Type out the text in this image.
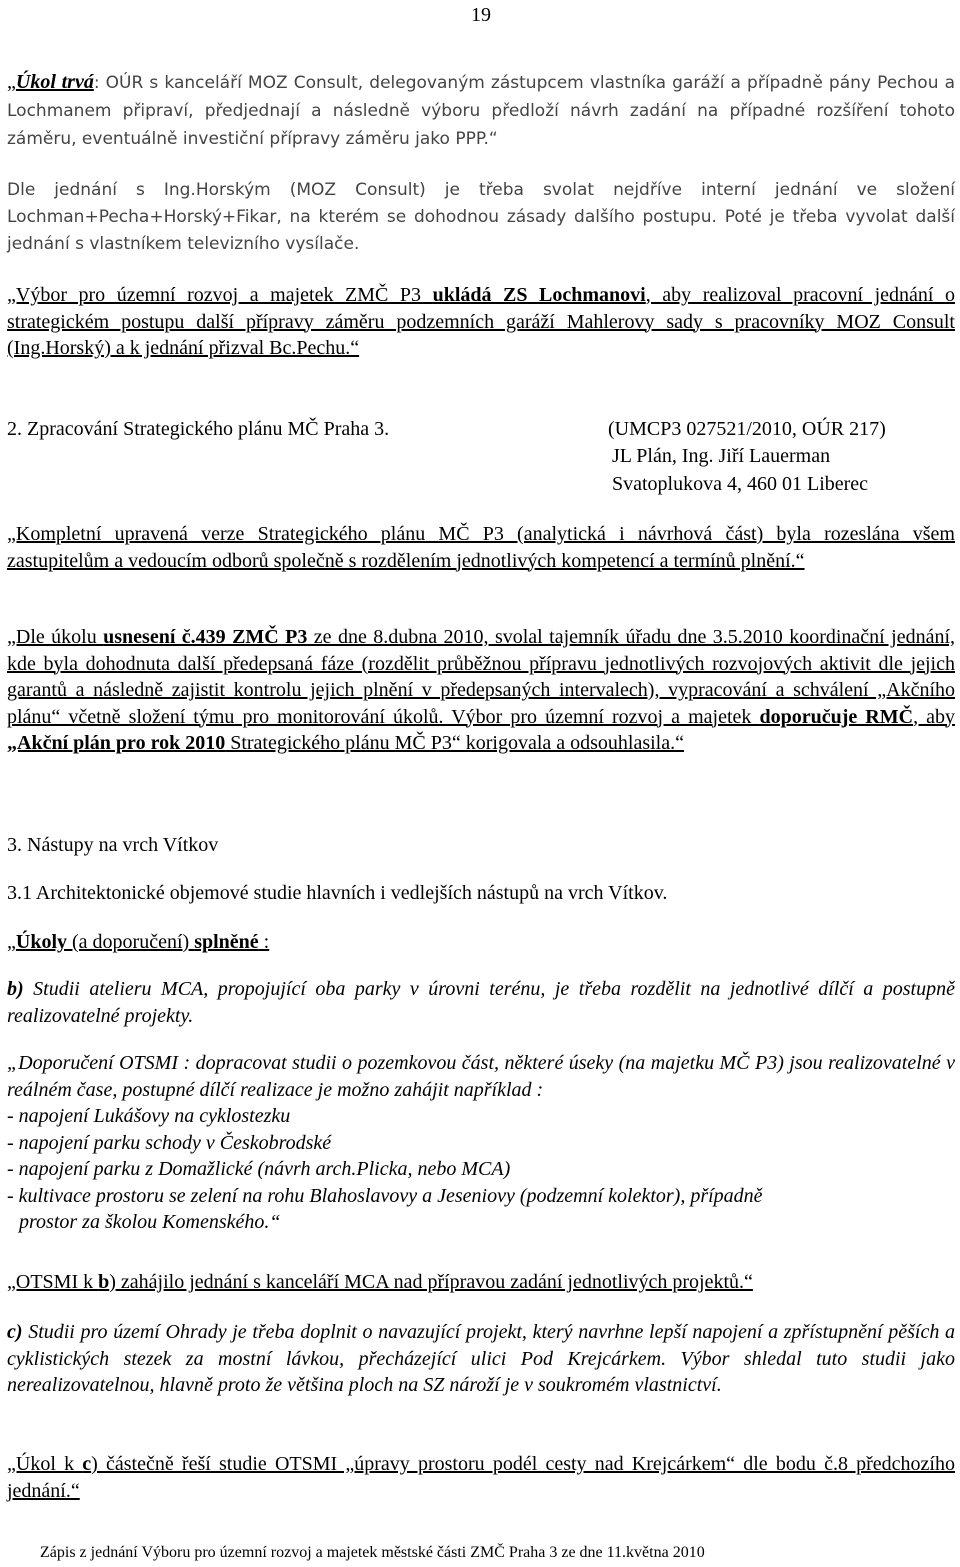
19
„Úkol trvá: OÚR s kanceláří MOZ Consult, delegovaným zástupcem vlastníka garáží a případně pány Pechou a Lochmanem připraví, předjednají a následně výboru předloží návrh zadání na případné rozšíření tohoto záměru, eventuálně investiční přípravy záměru jako PPP.“
Dle jednání s Ing.Horským (MOZ Consult) je třeba svolat nejdříve interní jednání ve složení Lochman+Pecha+Horský+Fikar, na kterém se dohodnou zásady dalšího postupu. Poté je třeba vyvolat další jednání s vlastníkem televizního vysílače.
„Výbor pro územní rozvoj a majetek ZMČ P3 ukládá ZS Lochmanovi, aby realizoval pracovní jednání o strategickém postupu další přípravy záměru podzemních garáží Mahlerovy sady s pracovníky MOZ Consult (Ing.Horský) a k jednání přizval Bc.Pechu.“
2. Zpracování Strategického plánu MČ Praha 3.	(UMCP3 027521/2010, OÚR 217)
JL Plán, Ing. Jiří Lauerman
Svatoplukova 4, 460 01 Liberec
„Kompletní upravená verze Strategického plánu MČ P3 (analytická i návrhová část) byla rozeslána všem zastupitelům a vedoucím odborů společně s rozdělením jednotlivých kompetencí a termínů plnění.“
„Dle úkolu usnesení č.439 ZMČ P3 ze dne 8.dubna 2010, svolal tajemník úřadu dne 3.5.2010 koordinační jednání, kde byla dohodnuta další předepsaná fáze (rozdělit průběžnou přípravu jednotlivých rozvojových aktivit dle jejich garantů a následně zajistit kontrolu jejich plnění v předepsaných intervalech), vypracování a schválení „Akčního plánu“ včetně složení týmu pro monitorování úkolů. Výbor pro územní rozvoj a majetek doporučuje RMČ, aby „Akční plán pro rok 2010 Strategického plánu MČ P3“ korigovala a odsouhlasila.“
3. Nástupy na vrch Vítkov
3.1 Architektonické objemové studie hlavních i vedlejších nástupů na vrch Vítkov.
„Úkoly (a doporučení) splněné :
b) Studii atelieru MCA, propojující oba parky v úrovni terénu, je třeba rozdělit na jednotlivé dílčí a postupně realizovatelné projekty.
„Doporučení OTSMI : dopracovat studii o pozemkovou část, některé úseky (na majetku MČ P3) jsou realizovatelné v reálném čase, postupné dílčí realizace je možno zahájit například :
- napojení Lukášovy na cyklostezku
- napojení parku schody v Českobrodské
- napojení parku z Domažlické (návrh arch.Plicka, nebo MCA)
- kultivace prostoru se zelení na rohu Blahoslavovy a Jeseniovy (podzemní kolektor), případně
prostor za školou Komenského.“
„OTSMI k b) zahájilo jednání s kanceláří MCA nad přípravou zadání jednotlivých projektů.“
c) Studii pro území Ohrady je třeba doplnit o navazující projekt, který navrhne lepší napojení a zpřístupnění pěších a cyklistických stezek za mostní lávkou, přecházející ulici Pod Krejcárkem. Výbor shledal tuto studii jako nerealizovatelnou, hlavně proto že většina ploch na SZ nároží je v soukromém vlastnictví.
„Úkol k c) částečně řeší studie OTSMI „úpravy prostoru podél cesty nad Krejcárkem“ dle bodu č.8 předchozího jednání.“
Zápis z jednání Výboru pro územní rozvoj a majetek městské části ZMČ Praha 3 ze dne 11.května 2010
